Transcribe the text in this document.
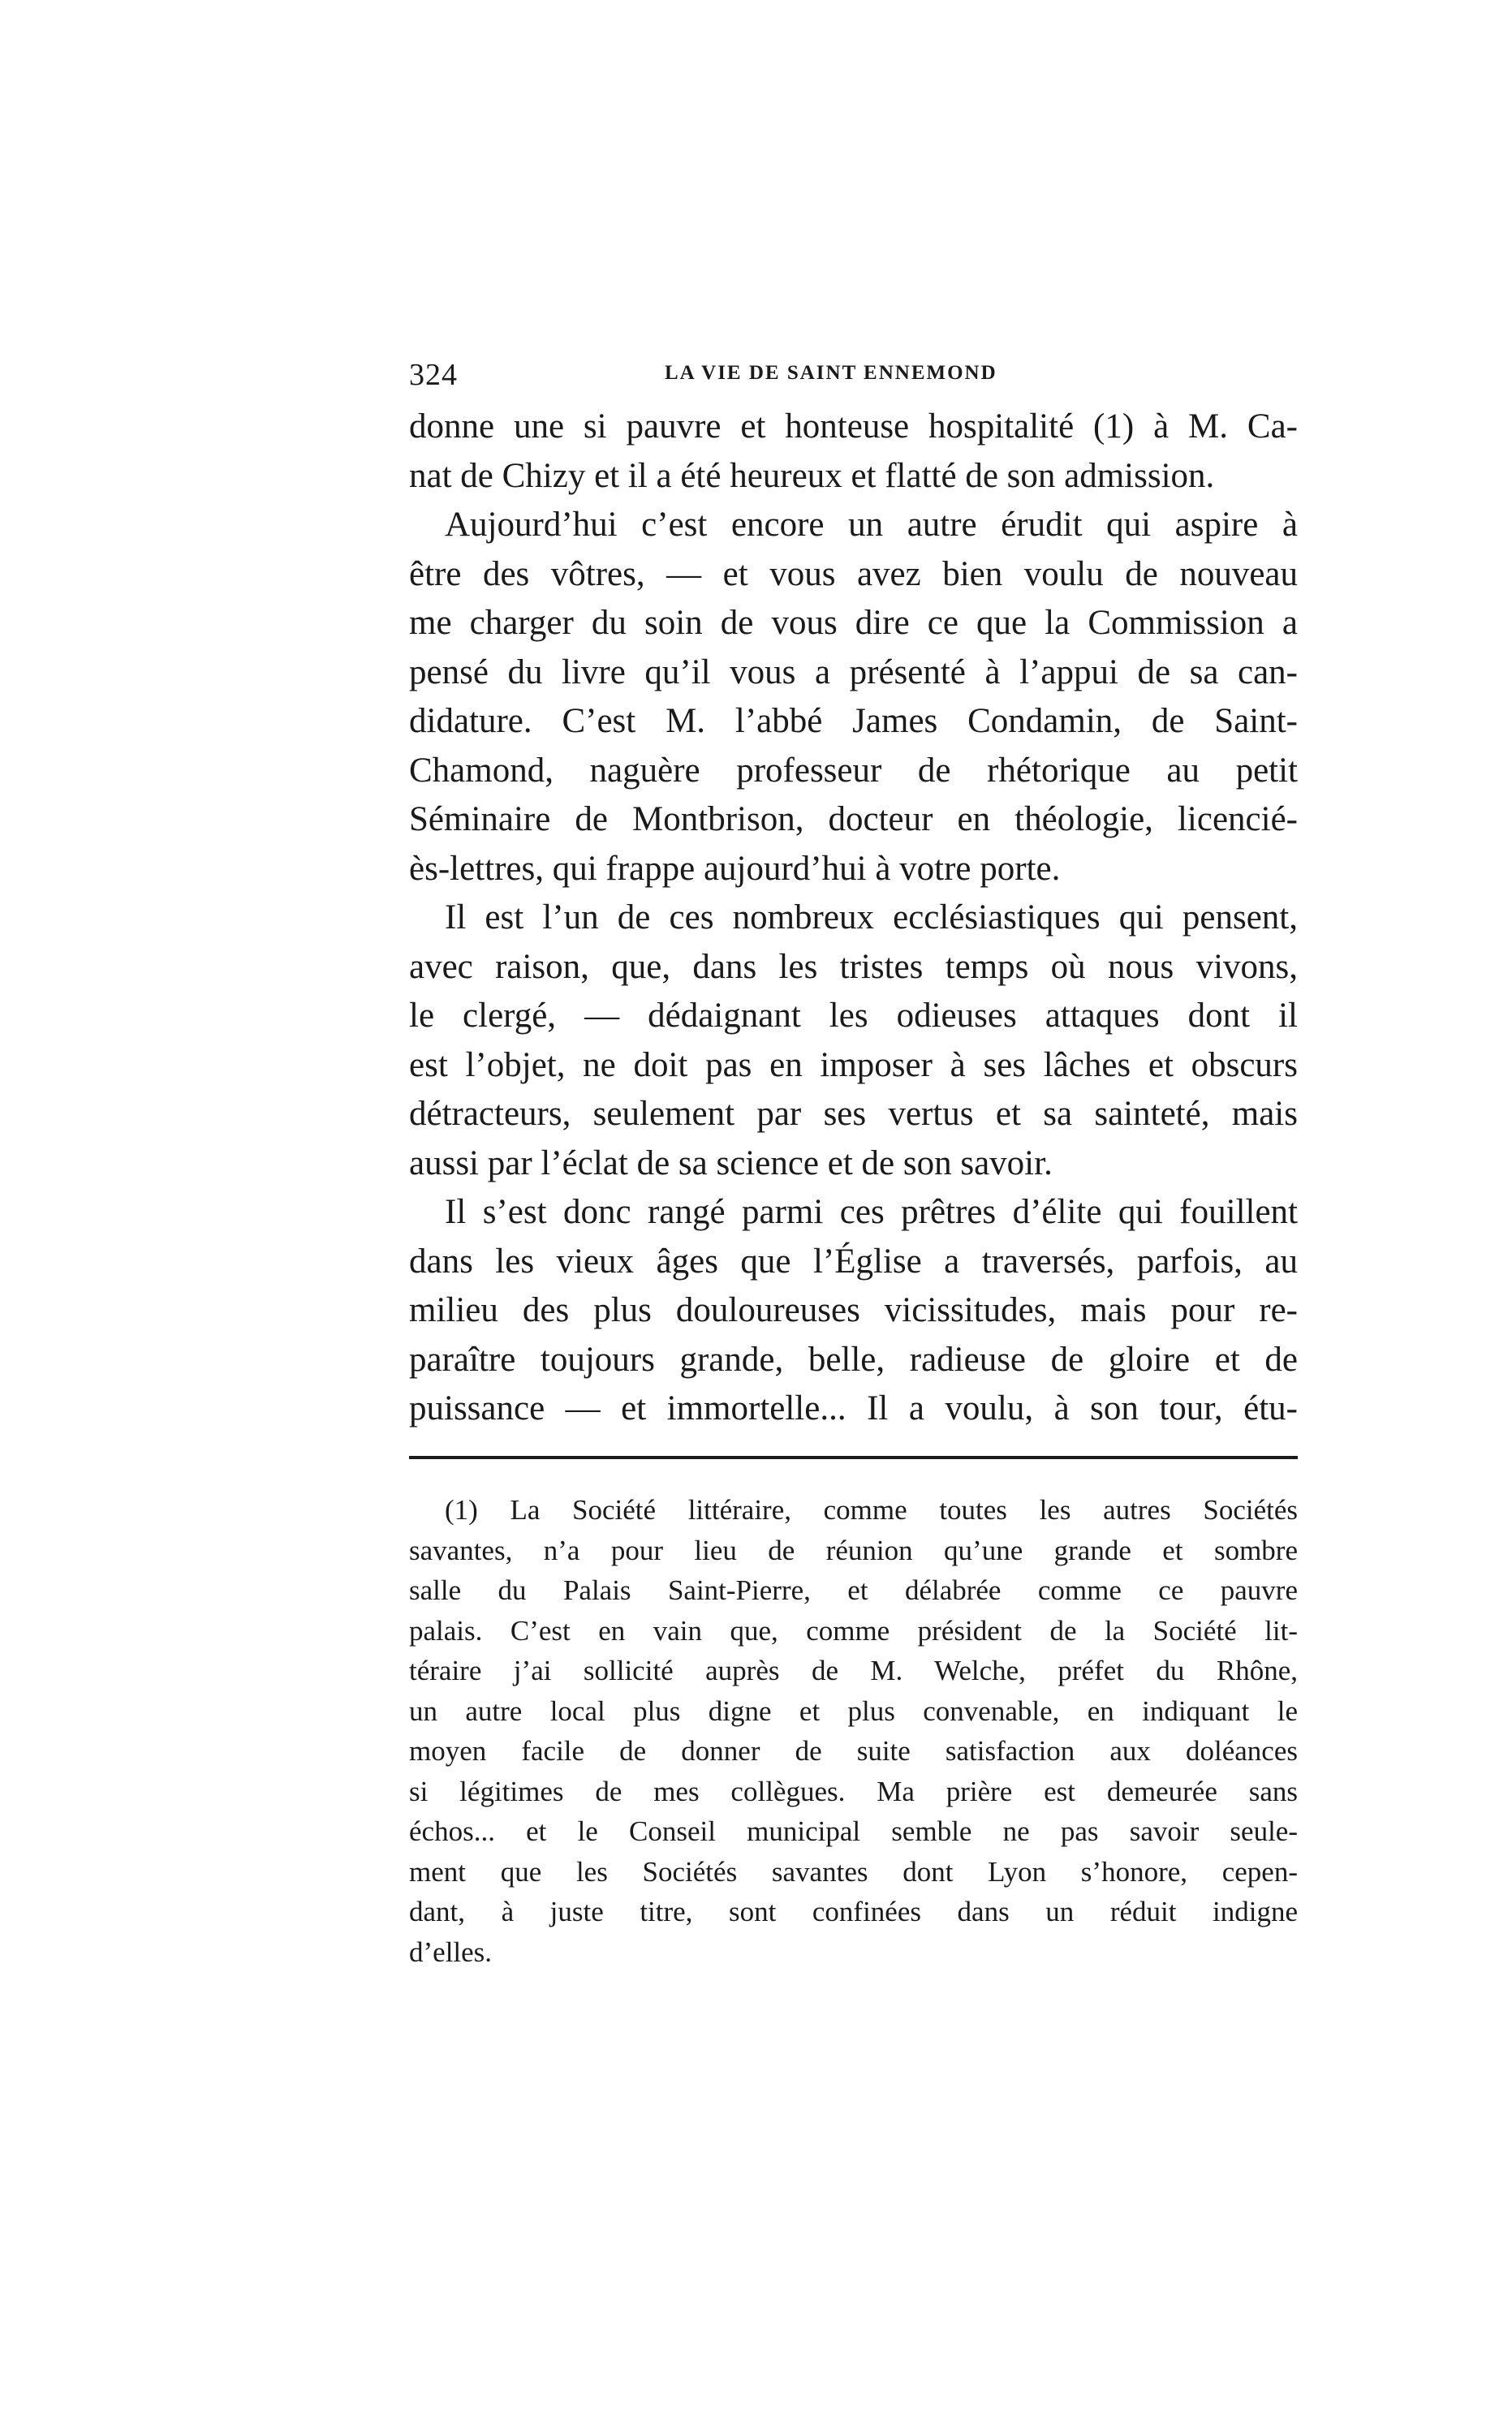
324	LA VIE DE SAINT ENNEMOND
donne une si pauvre et honteuse hospitalité (1) à M. Ca-
nat de Chizy et il a été heureux et flatté de son admission.
Aujourd’hui c’est encore un autre érudit qui aspire à
être des vôtres, — et vous avez bien voulu de nouveau
me charger du soin de vous dire ce que la Commission a
pensé du livre qu’il vous a présenté à l’appui de sa can-
didature. C’est M. l’abbé James Condamin, de Saint-
Chamond, naguère professeur de rhétorique au petit
Séminaire de Montbrison, docteur en théologie, licencié-
ès-lettres, qui frappe aujourd’hui à votre porte.
Il est l’un de ces nombreux ecclésiastiques qui pensent,
avec raison, que, dans les tristes temps où nous vivons,
le clergé, — dédaignant les odieuses attaques dont il
est l’objet, ne doit pas en imposer à ses lâches et obscurs
détracteurs, seulement par ses vertus et sa sainteté, mais
aussi par l’éclat de sa science et de son savoir.
Il s’est donc rangé parmi ces prêtres d’élite qui fouillent
dans les vieux âges que l’Église a traversés, parfois, au
milieu des plus douloureuses vicissitudes, mais pour re-
paraître toujours grande, belle, radieuse de gloire et de
puissance — et immortelle... Il a voulu, à son tour, étu-
(1) La Société littéraire, comme toutes les autres Sociétés
savantes, n’a pour lieu de réunion qu’une grande et sombre
salle du Palais Saint-Pierre, et délabrée comme ce pauvre
palais. C’est en vain que, comme président de la Société lit-
téraire j’ai sollicité auprès de M. Welche, préfet du Rhône,
un autre local plus digne et plus convenable, en indiquant le
moyen facile de donner de suite satisfaction aux doléances
si légitimes de mes collègues. Ma prière est demeurée sans
échos... et le Conseil municipal semble ne pas savoir seule-
ment que les Sociétés savantes dont Lyon s’honore, cepen-
dant, à juste titre, sont confinées dans un réduit indigne
d’elles.
